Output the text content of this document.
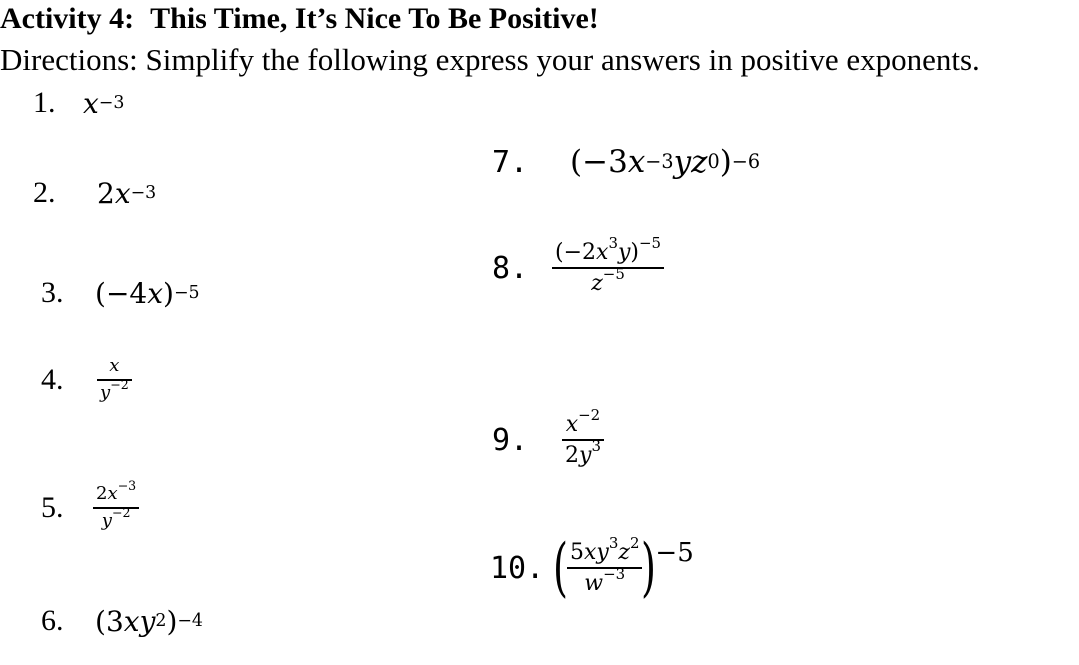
Activity 4: This Time, It’s Nice To Be Positive!
Directions: Simplify the following express your answers in positive exponents.
1. x −3
2.	2 x −3
3.	( −4 x ) −5
4.	$\frac{x}{y^{-2}}$
5.	$\frac{2x^{-3}}{y^{-2}}$
6.	( 3 x y 2 ) −4
7.	( −3 x −3 y z 0 ) −6
8.	$\frac{(-2x^3y)^{-5}}{z^{-5}}$
9.	$\frac{x^{-2}}{2y^3}$
10. (
$\frac{5xy^3z^2}{w^{-3}}$
)
−5
